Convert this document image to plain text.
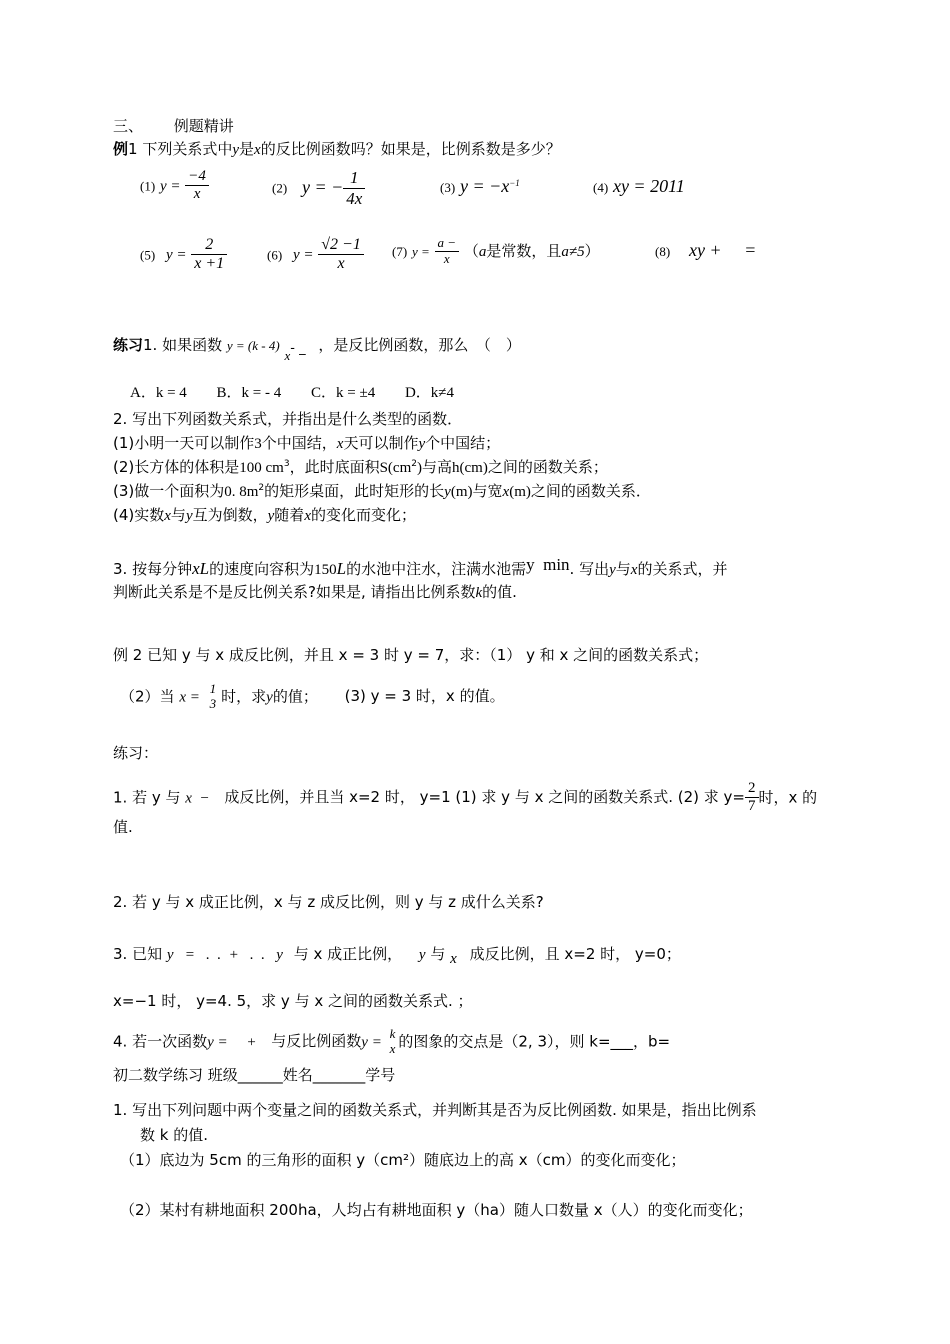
三、 例题精讲
例1 下列关系式中y是x的反比例函数吗？如果是，比例系数是多少？
(1) $y = \frac{-4}{x}$	(2) y = − $\frac{1}{4x}$	(3) $y = -x^{-1}$	(4) xy = 2011
(5) $y = \frac{2}{x +1}$	(6) $y = \frac{√2 -1}{x} (7) y = \frac{a -}{x} (a$是常数，且a≠5）	(8) xy +     =
练习1. 如果函数 y = (k - 4) x- _ ，是反比例函数，那么　（　）
A．k = 4 B．k = - 4 C．k = ±4 D．k≠4
2. 写出下列函数关系式，并指出是什么类型的函数．
(1)小明一天可以制作3个中国结，x天可以制作y个中国结；
(2)长方体的体积是100 $cm^3$，此时底面积$S(cm^2)$与高h(cm)之间的函数关系；
(3)做一个面积为0. $8m^2$的矩形桌面，此时矩形的长y(m)与宽x(m)之间的函数关系．
(4)实数x与y互为倒数，y随着x的变化而变化；
3. 按每分钟xL的速度向容积为150L的水池中注水，注满水池需y  min. 写出y与x的关系式，并
判断此关系是不是反比例关系?如果是, 请指出比例系数k的值.
例 2 已知 y 与 x 成反比例，并且 x = 3 时 y = 7，求：（1） y 和 x 之间的函数关系式；
（2）当 x =
1
3 时，求y的值； (3) y = 3 时，x 的值。
练习：
1. 若 y 与 x  − 成反比例，并且当 x=2 时， y=1 (1) 求 y 与 x 之间的函数关系式. (2) 求 $y= \frac{2}{7}$ 时，x 的
值.
2. 若 y 与 x 成正比例，x 与 z 成反比例，则 y 与 z 成什么关系?
3. 已知 y   =   .  .  +   .  .   y 与 x 成正比例， y 与 x 成反比例，且 x=2 时， y=0；
x=−1 时， y=4. 5，求 y 与 x 之间的函数关系式. ；
4. 若一次函数y =     + 与反比例函数y =
k
x 的图象的交点是（2, 3），则 k=___，b=
初二数学练习 班级______姓名_______学号
1. 写出下列问题中两个变量之间的函数关系式，并判断其是否为反比例函数. 如果是，指出比例系
数 k 的值.
（1）底边为 5cm 的三角形的面积 y（cm²）随底边上的高 x（cm）的变化而变化；
（2）某村有耕地面积 200ha，人均占有耕地面积 y（ha）随人口数量 x（人）的变化而变化；
